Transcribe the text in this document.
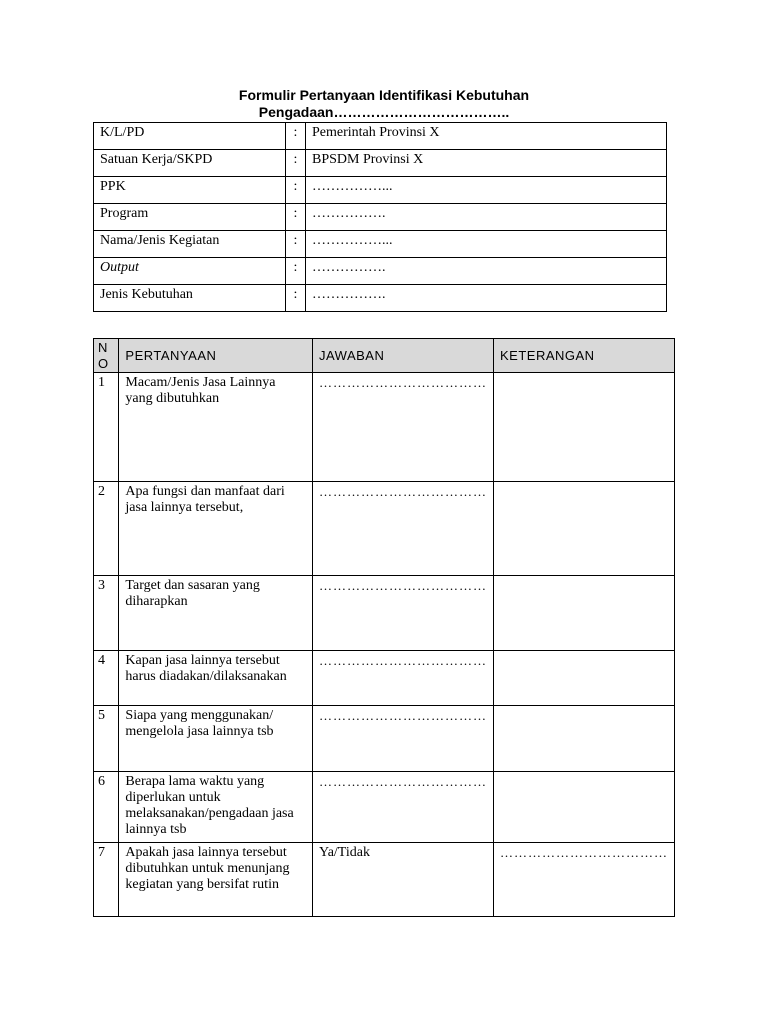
Formulir Pertanyaan Identifikasi Kebutuhan
Pengadaan………………………………..
K/L/PD	:	Pemerintah Provinsi X
Satuan Kerja/SKPD	:	BPSDM Provinsi X
PPK	:	……………...
Program	:	…………….
Nama/Jenis Kegiatan	:	……………...
Output	:	…………….
Jenis Kebutuhan	:	…………….
N O	PERTANYAAN	JAWABAN	KETERANGAN
1	Macam/Jenis Jasa Lainnya yang dibutuhkan	………………………………	
2	Apa fungsi dan manfaat dari jasa lainnya tersebut,	………………………………	
3	Target dan sasaran yang diharapkan	………………………………	
4	Kapan jasa lainnya tersebut harus diadakan/dilaksanakan	………………………………	
5	Siapa yang menggunakan/ mengelola jasa lainnya tsb	………………………………	
6	Berapa lama waktu yang diperlukan untuk melaksanakan/pengadaan jasa lainnya tsb	………………………………	
7	Apakah jasa lainnya tersebut dibutuhkan untuk menunjang kegiatan yang bersifat rutin	Ya/Tidak	………………………………
